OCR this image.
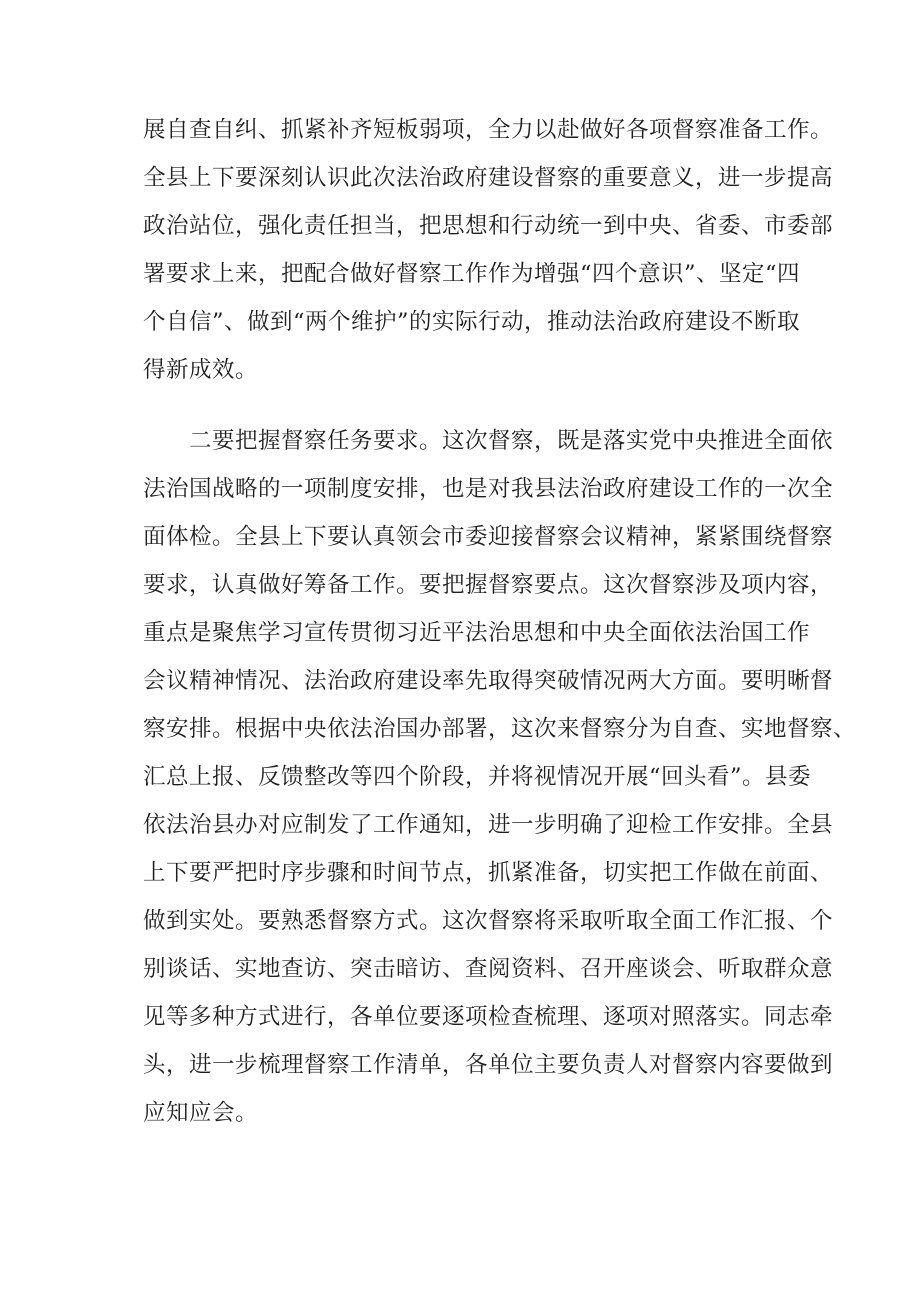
展自查自纠、抓紧补齐短板弱项，全力以赴做好各项督察准备工作。
全县上下要深刻认识此次法治政府建设督察的重要意义，进一步提高
政治站位，强化责任担当，把思想和行动统一到中央、省委、市委部
署要求上来，把配合做好督察工作作为增强“四个意识”、坚定“四
个自信”、做到“两个维护”的实际行动，推动法治政府建设不断取
得新成效。
　　二要把握督察任务要求。这次督察，既是落实党中央推进全面依
法治国战略的一项制度安排，也是对我县法治政府建设工作的一次全
面体检。全县上下要认真领会市委迎接督察会议精神，紧紧围绕督察
要求，认真做好筹备工作。要把握督察要点。这次督察涉及项内容，
重点是聚焦学习宣传贯彻习近平法治思想和中央全面依法治国工作
会议精神情况、法治政府建设率先取得突破情况两大方面。要明晰督
察安排。根据中央依法治国办部署，这次来督察分为自查、实地督察、
汇总上报、反馈整改等四个阶段，并将视情况开展“回头看”。县委
依法治县办对应制发了工作通知，进一步明确了迎检工作安排。全县
上下要严把时序步骤和时间节点，抓紧准备，切实把工作做在前面、
做到实处。要熟悉督察方式。这次督察将采取听取全面工作汇报、个
别谈话、实地查访、突击暗访、查阅资料、召开座谈会、听取群众意
见等多种方式进行，各单位要逐项检查梳理、逐项对照落实。同志牵
头，进一步梳理督察工作清单，各单位主要负责人对督察内容要做到
应知应会。
